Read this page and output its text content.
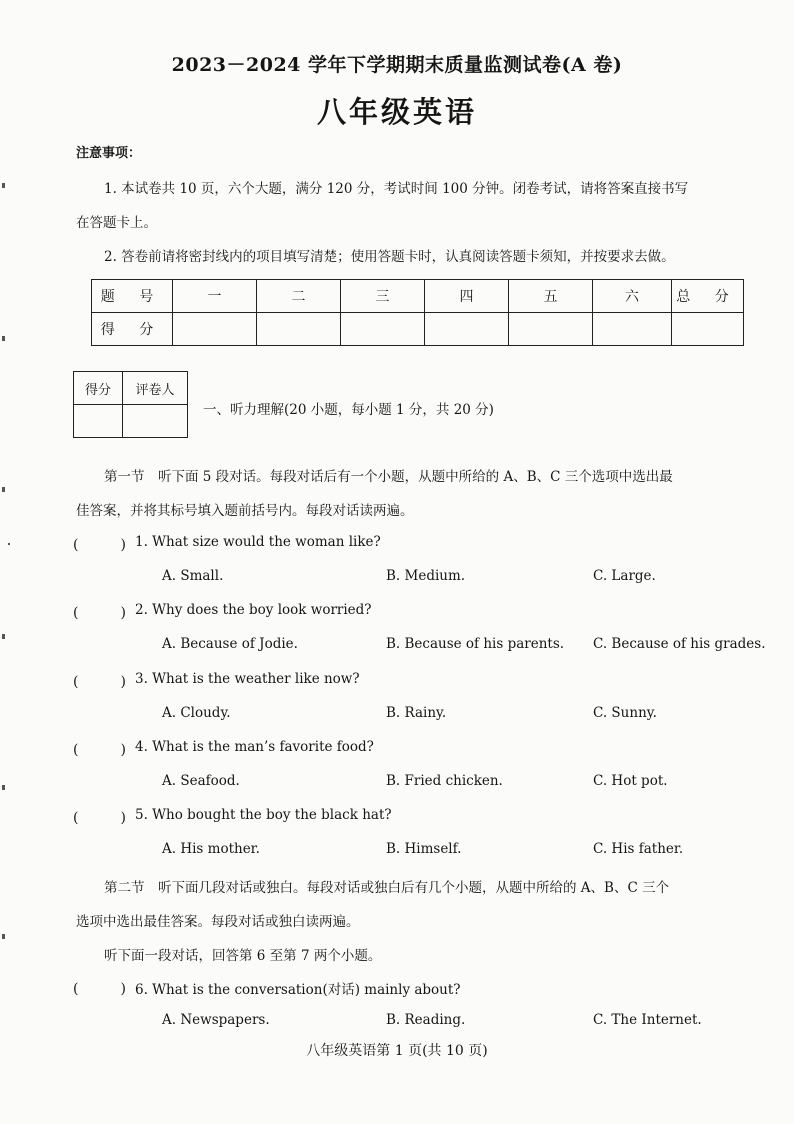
2023－2024 学年下学期期末质量监测试卷(A 卷)
八年级英语
注意事项：
1. 本试卷共 10 页，六个大题，满分 120 分，考试时间 100 分钟。闭卷考试，请将答案直接书写
在答题卡上。
2. 答卷前请将密封线内的项目填写清楚；使用答题卡时，认真阅读答题卡须知，并按要求去做。
题 号	一	二	三	四	五	六	总 分
得 分							
得分	评卷人

一、听力理解(20 小题，每小题 1 分，共 20 分)
第一节　听下面 5 段对话。每段对话后有一个小题，从题中所给的 A、B、C 三个选项中选出最
佳答案，并将其标号填入题前括号内。每段对话读两遍。
(　　　) 1. What size would the woman like?
A. Small.	B. Medium.	C. Large.
(　　　) 2. Why does the boy look worried?
A. Because of Jodie.	B. Because of his parents. C. Because of his grades.
(　　　) 3. What is the weather like now?
A. Cloudy.	B. Rainy.	C. Sunny.
(　　　) 4. What is the man’s favorite food?
A. Seafood.	B. Fried chicken.	C. Hot pot.
(　　　) 5. Who bought the boy the black hat?
A. His mother.	B. Himself.	C. His father.
第二节　听下面几段对话或独白。每段对话或独白后有几个小题，从题中所给的 A、B、C 三个
选项中选出最佳答案。每段对话或独白读两遍。
听下面一段对话，回答第 6 至第 7 两个小题。
(　　　) 6. What is the conversation(对话) mainly about?
A. Newspapers.	B. Reading.	C. The Internet.
八年级英语第 1 页(共 10 页)
